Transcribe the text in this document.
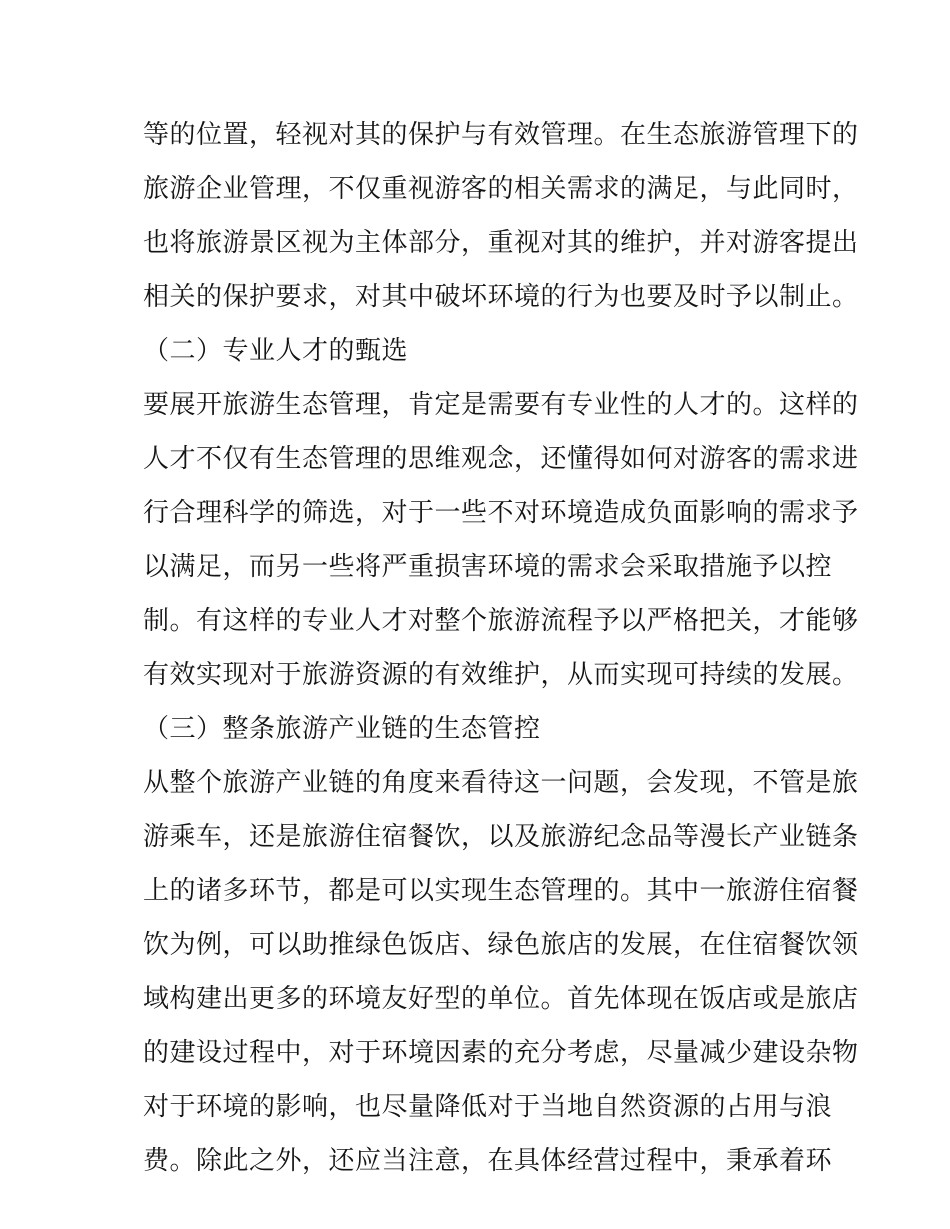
等的位置，轻视对其的保护与有效管理。在生态旅游管理下的
旅游企业管理，不仅重视游客的相关需求的满足，与此同时，
也将旅游景区视为主体部分，重视对其的维护，并对游客提出
相关的保护要求，对其中破坏环境的行为也要及时予以制止。
（二）专业人才的甄选
要展开旅游生态管理，肯定是需要有专业性的人才的。这样的
人才不仅有生态管理的思维观念，还懂得如何对游客的需求进
行合理科学的筛选，对于一些不对环境造成负面影响的需求予
以满足，而另一些将严重损害环境的需求会采取措施予以控
制。有这样的专业人才对整个旅游流程予以严格把关，才能够
有效实现对于旅游资源的有效维护，从而实现可持续的发展。
（三）整条旅游产业链的生态管控
从整个旅游产业链的角度来看待这一问题，会发现，不管是旅
游乘车，还是旅游住宿餐饮，以及旅游纪念品等漫长产业链条
上的诸多环节，都是可以实现生态管理的。其中一旅游住宿餐
饮为例，可以助推绿色饭店、绿色旅店的发展，在住宿餐饮领
域构建出更多的环境友好型的单位。首先体现在饭店或是旅店
的建设过程中，对于环境因素的充分考虑，尽量减少建设杂物
对于环境的影响，也尽量降低对于当地自然资源的占用与浪
费。除此之外，还应当注意，在具体经营过程中，秉承着环
